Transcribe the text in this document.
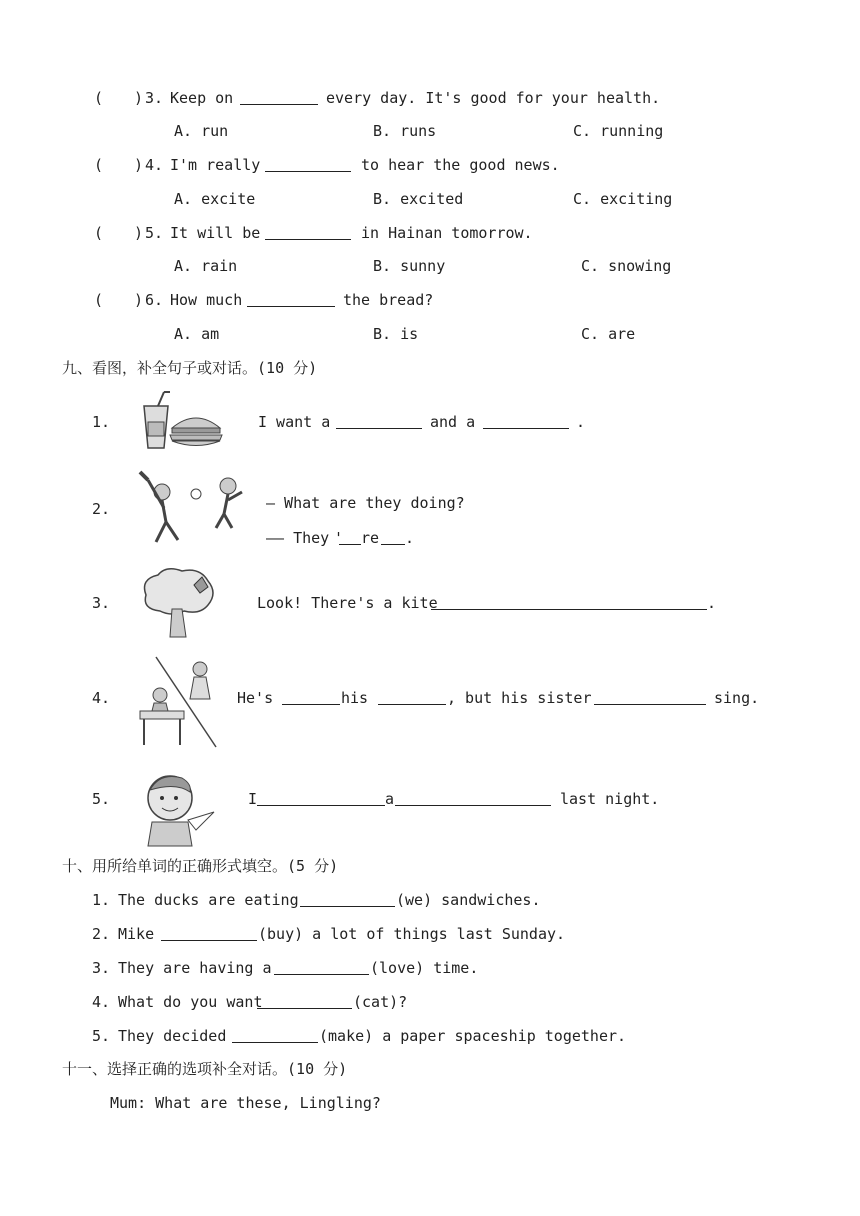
( ) 3. Keep on	every day. It's good for your health.
A. run	B. runs	C. running
( ) 4. I'm really	to hear the good news.
A. excite	B. excited	C. exciting
( ) 5. It will be	in Hainan tomorrow.
A. rain	B. sunny	C. snowing
( ) 6. How much	the bread?
A. am	B. is	C. are
九、看图，补全句子或对话。(10 分)
1.	I want a	and a	.
2.	— What are they doing?
—— They ' re .
3.	Look! There's a kite	.
4.	He's	his	, but his sister	sing.
5.	I	a	last night.
十、用所给单词的正确形式填空。(5 分)
1. The ducks are eating	(we) sandwiches.
2. Mike	(buy) a lot of things last Sunday.
3. They are having a	(love) time.
4. What do you want	(cat)?
5. They decided	(make) a paper spaceship together.
十一、选择正确的选项补全对话。(10 分)
Mum: What are these, Lingling?
